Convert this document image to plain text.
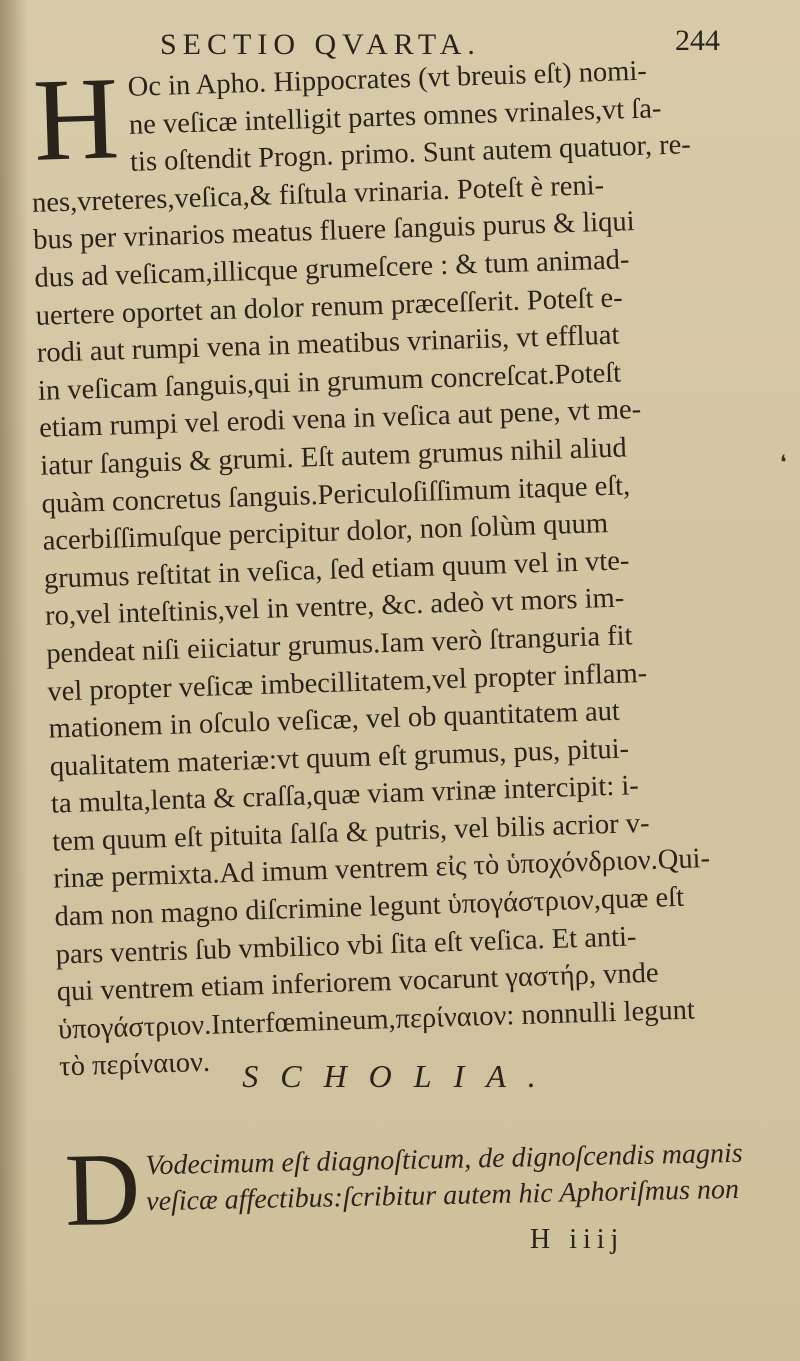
SECTIO QVARTA.	244
H Oc in Apho. Hippocrates (vt breuis eſt) nomi-
ne veſicæ intelligit partes omnes vrinales,vt ſa-
tis oſtendit Progn. primo. Sunt autem quatuor, re-
nes,vreteres,veſica,& fiſtula vrinaria. Poteſt è reni-
bus per vrinarios meatus fluere ſanguis purus & liqui
dus ad veſicam,illicque grumeſcere : & tum animad-
uertere oportet an dolor renum præceſſerit. Poteſt e-
rodi aut rumpi vena in meatibus vrinariis, vt effluat
in veſicam ſanguis,qui in grumum concreſcat.Poteſt
etiam rumpi vel erodi vena in veſica aut pene, vt me-
iatur ſanguis & grumi. Eſt autem grumus nihil aliud
quàm concretus ſanguis.Periculoſiſſimum itaque eſt,
acerbiſſimuſque percipitur dolor, non ſolùm quum
grumus reſtitat in veſica, ſed etiam quum vel in vte-
ro,vel inteſtinis,vel in ventre, &c. adeò vt mors im-
pendeat niſi eiiciatur grumus.Iam verò ſtranguria fit
vel propter veſicæ imbecillitatem,vel propter inflam-
mationem in oſculo veſicæ, vel ob quantitatem aut
qualitatem materiæ:vt quum eſt grumus, pus, pitui-
ta multa,lenta & craſſa,quæ viam vrinæ intercipit: i-
tem quum eſt pituita ſalſa & putris, vel bilis acrior v-
rinæ permixta.Ad imum ventrem εἰς τὸ ὑποχόνδριον.Qui-
dam non magno diſcrimine legunt ὑπογάστριον,quæ eſt
pars ventris ſub vmbilico vbi ſita eſt veſica. Et anti-
qui ventrem etiam inferiorem vocarunt γαστήρ, vnde
ὑπογάστριον.Interfœmineum,περίναιον: nonnulli legunt
τὸ περίναιον. SCHOLIA.
D Vodecimum eſt diagnoſticum, de dignoſcendis magnis
veſicæ affectibus:ſcribitur autem hic Aphoriſmus non
H iiij
❛
